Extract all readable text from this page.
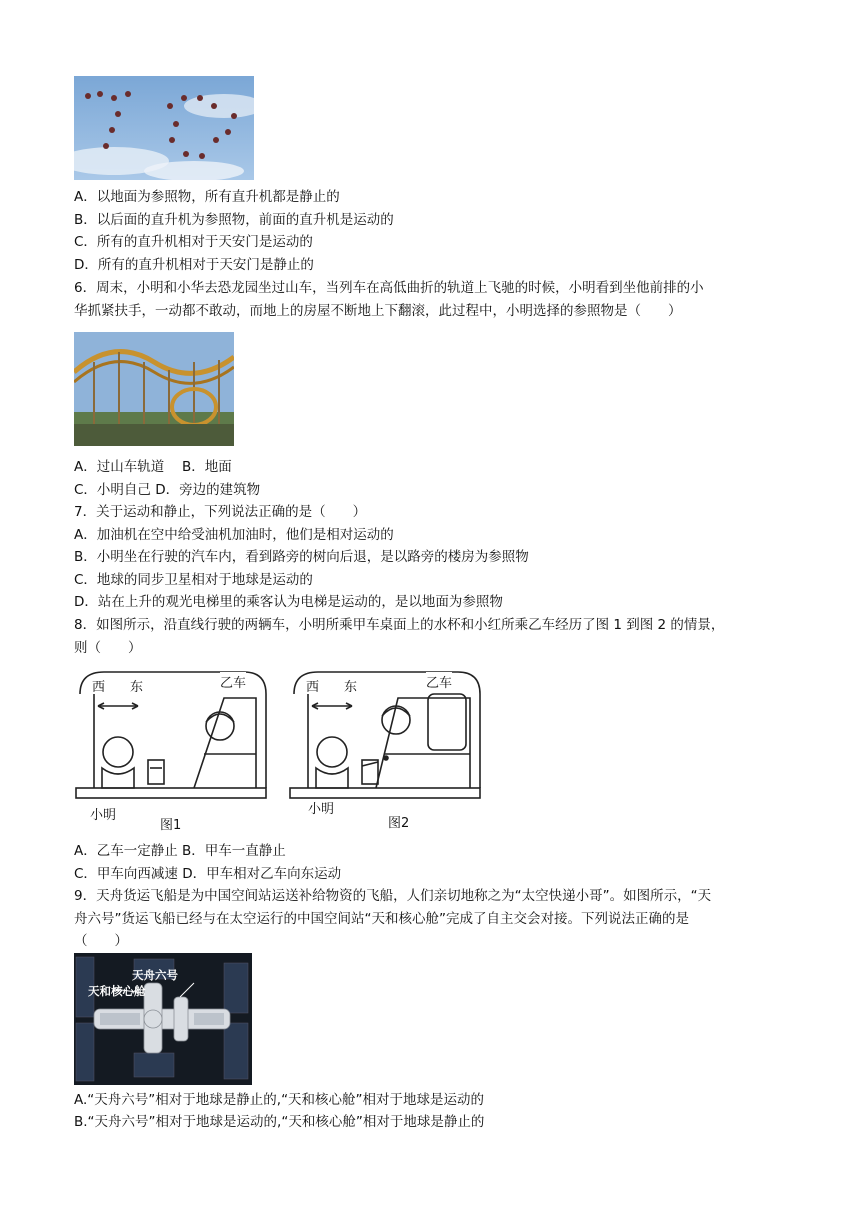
A．以地面为参照物，所有直升机都是静止的
B．以后面的直升机为参照物，前面的直升机是运动的
C．所有的直升机相对于天安门是运动的
D．所有的直升机相对于天安门是静止的
6．周末，小明和小华去恐龙园坐过山车，当列车在高低曲折的轨道上飞驰的时候，小明看到坐他前排的小
华抓紧扶手，一动都不敢动，而地上的房屋不断地上下翻滚，此过程中，小明选择的参照物是（　　）
A．过山车轨道　 B．地面
C．小明自己 D．旁边的建筑物
7．关于运动和静止，下列说法正确的是（　　）
A．加油机在空中给受油机加油时，他们是相对运动的
B．小明坐在行驶的汽车内，看到路旁的树向后退，是以路旁的楼房为参照物
C．地球的同步卫星相对于地球是运动的
D．站在上升的观光电梯里的乘客认为电梯是运动的，是以地面为参照物
8．如图所示，沿直线行驶的两辆车，小明所乘甲车桌面上的水杯和小红所乘乙车经历了图 1 到图 2 的情景，
则（　　）
西 东	乙车
小明
图1
西 东	乙车
小明
图2
A．乙车一定静止 B．甲车一直静止
C．甲车向西减速 D．甲车相对乙车向东运动
9．天舟货运飞船是为中国空间站运送补给物资的飞船，人们亲切地称之为“太空快递小哥”。如图所示，“天
舟六号”货运飞船已经与在太空运行的中国空间站“天和核心舱”完成了自主交会对接。下列说法正确的是
（　　）
天舟六号
天和核心舱
A.“天舟六号”相对于地球是静止的,“天和核心舱”相对于地球是运动的
B.“天舟六号”相对于地球是运动的,“天和核心舱”相对于地球是静止的
